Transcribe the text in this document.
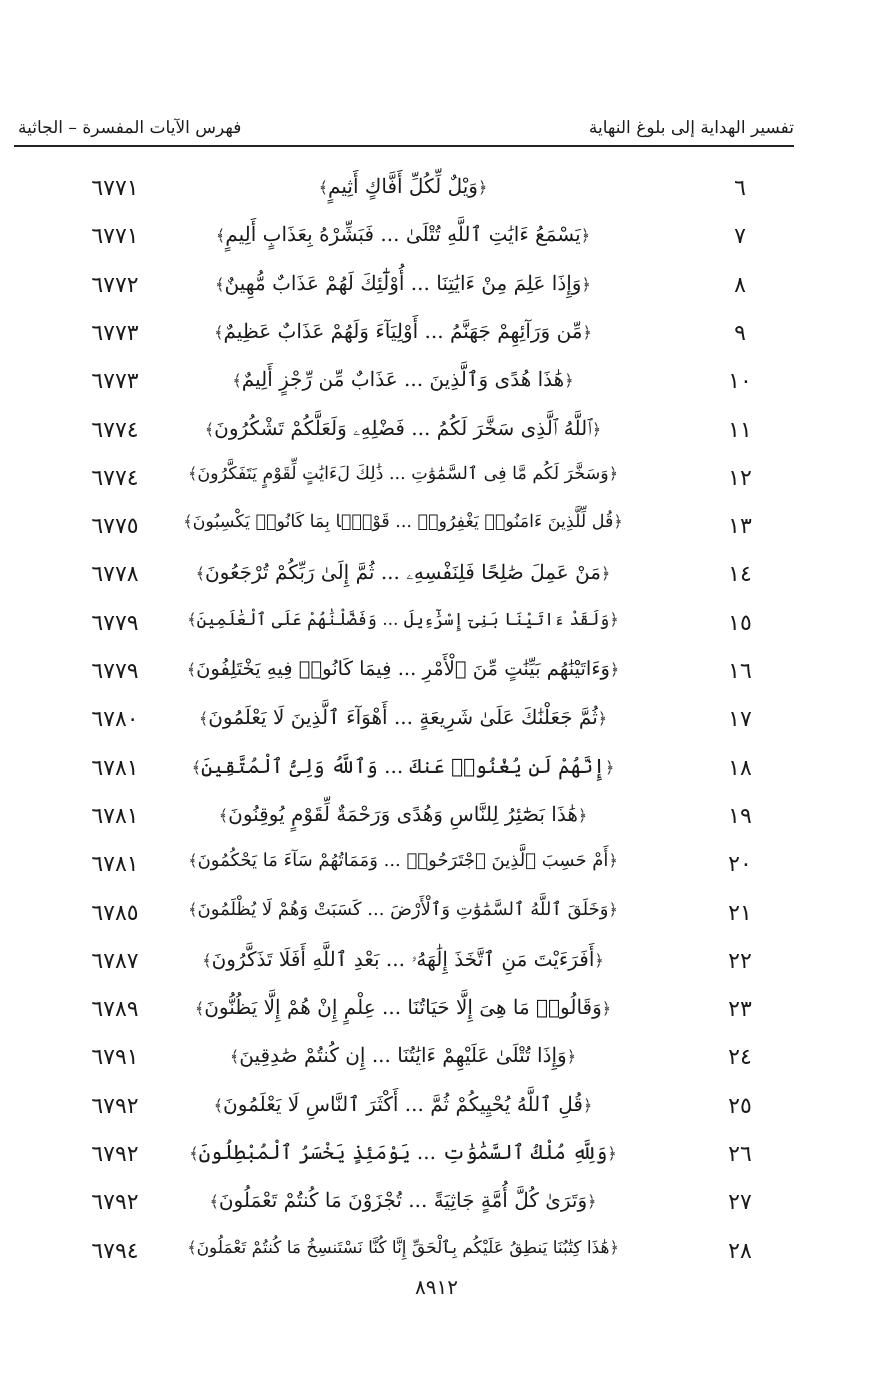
تفسير الهداية إلى بلوغ النهاية
فهرس الآيات المفسرة – الجاثية
٦
﴿وَيْلٌ لِّكُلِّ أَفَّاكٍ أَثِيمٍ﴾
٦٧٧١
٧
﴿يَسْمَعُ ءَايَٰتِ ٱللَّهِ تُتْلَىٰ ... فَبَشِّرْهُ بِعَذَابٍ أَلِيمٍ﴾
٦٧٧١
٨
﴿وَإِذَا عَلِمَ مِنْ ءَايَٰتِنَا ... أُوْلَٰٓئِكَ لَهُمْ عَذَابٌ مُّهِينٌ﴾
٦٧٧٢
٩
﴿مِّن وَرَآئِهِمْ جَهَنَّمُ ... أَوْلِيَآءَ وَلَهُمْ عَذَابٌ عَظِيمٌ﴾
٦٧٧٣
١٠
﴿هَٰذَا هُدًى وَٱلَّذِينَ ... عَذَابٌ مِّن رِّجْزٍ أَلِيمٌ﴾
٦٧٧٣
١١
﴿ٱللَّهُ ٱلَّذِى سَخَّرَ لَكُمُ ... فَضْلِهِۦ وَلَعَلَّكُمْ تَشْكُرُونَ﴾
٦٧٧٤
١٢
﴿وَسَخَّرَ لَكُم مَّا فِى ٱلسَّمَٰوَٰتِ ... ذَٰلِكَ لَءَايَٰتٍ لِّقَوْمٍ يَتَفَكَّرُونَ﴾
٦٧٧٤
١٣
﴿قُل لِّلَّذِينَ ءَامَنُوا۟ يَغْفِرُوا۟ ... قَوْمًۢا بِمَا كَانُوا۟ يَكْسِبُونَ﴾
٦٧٧٥
١٤
﴿مَنْ عَمِلَ صَٰلِحًا فَلِنَفْسِهِۦ ... ثُمَّ إِلَىٰ رَبِّكُمْ تُرْجَعُونَ﴾
٦٧٧٨
١٥
﴿وَلَقَدْ ءَاتَيْنَا بَنِىٓ إِسْرَٰٓءِيلَ ... وَفَضَّلْنَٰهُمْ عَلَى ٱلْعَٰلَمِينَ﴾
٦٧٧٩
١٦
﴿وَءَاتَيْنَٰهُم بَيِّنَٰتٍ مِّنَ ٱلْأَمْرِ ... فِيمَا كَانُوا۟ فِيهِ يَخْتَلِفُونَ﴾
٦٧٧٩
١٧
﴿ثُمَّ جَعَلْنَٰكَ عَلَىٰ شَرِيعَةٍ ... أَهْوَآءَ ٱلَّذِينَ لَا يَعْلَمُونَ﴾
٦٧٨٠
١٨
﴿إِنَّهُمْ لَن يُغْنُوا۟ عَنكَ ... وَٱللَّهُ وَلِىُّ ٱلْمُتَّقِينَ﴾
٦٧٨١
١٩
﴿هَٰذَا بَصَٰٓئِرُ لِلنَّاسِ وَهُدًى وَرَحْمَةٌ لِّقَوْمٍ يُوقِنُونَ﴾
٦٧٨١
٢٠
﴿أَمْ حَسِبَ ٱلَّذِينَ ٱجْتَرَحُوا۟ ... وَمَمَاتُهُمْ سَآءَ مَا يَحْكُمُونَ﴾
٦٧٨١
٢١
﴿وَخَلَقَ ٱللَّهُ ٱلسَّمَٰوَٰتِ وَٱلْأَرْضَ ... كَسَبَتْ وَهُمْ لَا يُظْلَمُونَ﴾
٦٧٨٥
٢٢
﴿أَفَرَءَيْتَ مَنِ ٱتَّخَذَ إِلَٰهَهُۥ ... بَعْدِ ٱللَّهِ أَفَلَا تَذَكَّرُونَ﴾
٦٧٨٧
٢٣
﴿وَقَالُوا۟ مَا هِىَ إِلَّا حَيَاتُنَا ... عِلْمٍ إِنْ هُمْ إِلَّا يَظُنُّونَ﴾
٦٧٨٩
٢٤
﴿وَإِذَا تُتْلَىٰ عَلَيْهِمْ ءَايَٰتُنَا ... إِن كُنتُمْ صَٰدِقِينَ﴾
٦٧٩١
٢٥
﴿قُلِ ٱللَّهُ يُحْيِيكُمْ ثُمَّ ... أَكْثَرَ ٱلنَّاسِ لَا يَعْلَمُونَ﴾
٦٧٩٢
٢٦
﴿وَلِلَّهِ مُلْكُ ٱلسَّمَٰوَٰتِ ... يَوْمَئِذٍ يَخْسَرُ ٱلْمُبْطِلُونَ﴾
٦٧٩٢
٢٧
﴿وَتَرَىٰ كُلَّ أُمَّةٍ جَاثِيَةً ... تُجْزَوْنَ مَا كُنتُمْ تَعْمَلُونَ﴾
٦٧٩٢
٢٨
﴿هَٰذَا كِتَٰبُنَا يَنطِقُ عَلَيْكُم بِٱلْحَقِّ إِنَّا كُنَّا نَسْتَنسِخُ مَا كُنتُمْ تَعْمَلُونَ﴾
٦٧٩٤
٨٩١٢
